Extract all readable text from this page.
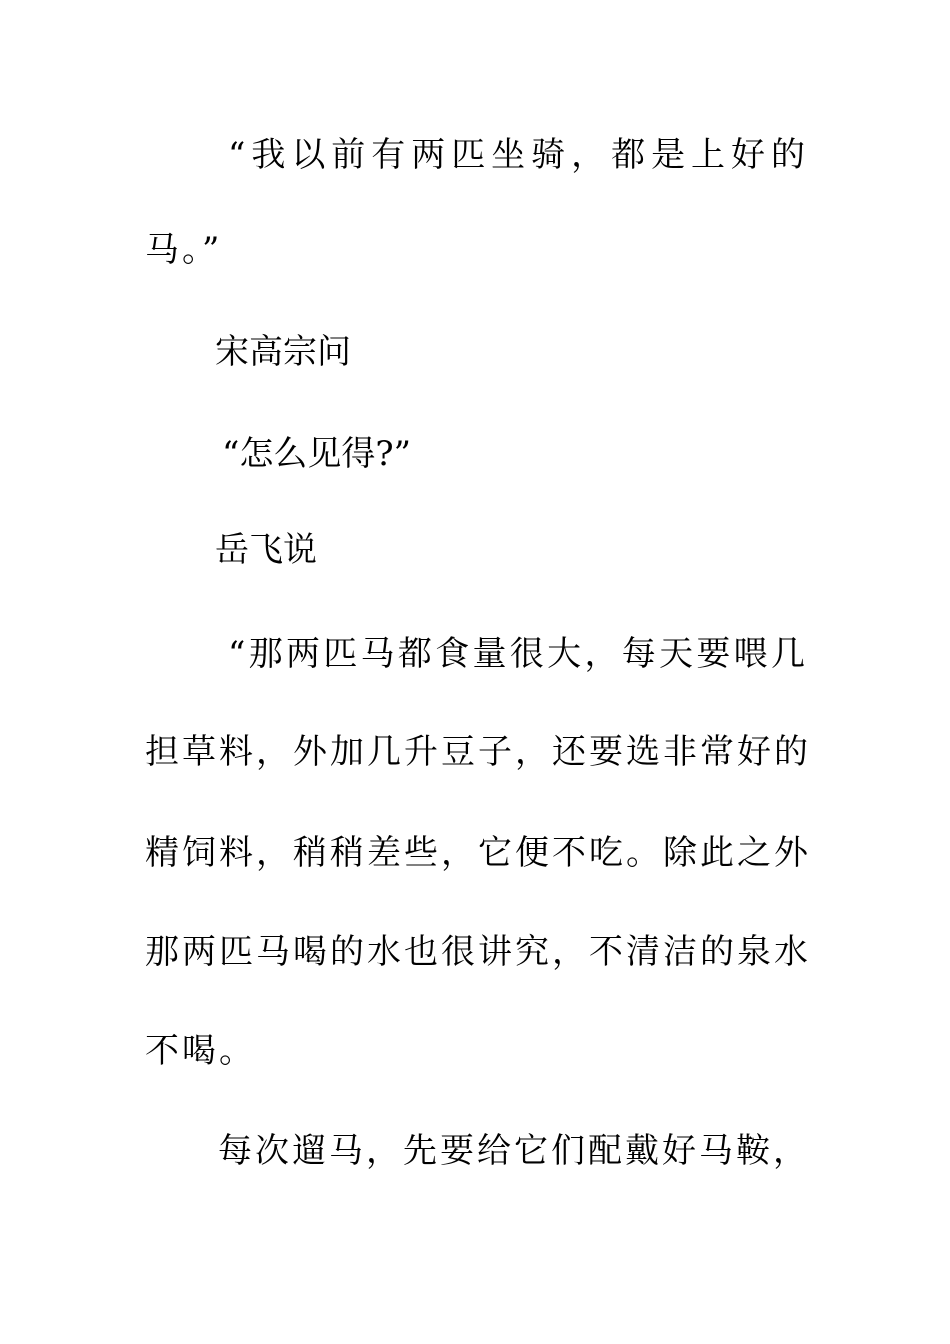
“我以前有两匹坐骑，都是上好的
马。”
宋高宗问
“怎么见得?”
岳飞说
“那两匹马都食量很大，每天要喂几
担草料，外加几升豆子，还要选非常好的
精饲料，稍稍差些，它便不吃。除此之外
那两匹马喝的水也很讲究，不清洁的泉水
不喝。
每次遛马，先要给它们配戴好马鞍，
